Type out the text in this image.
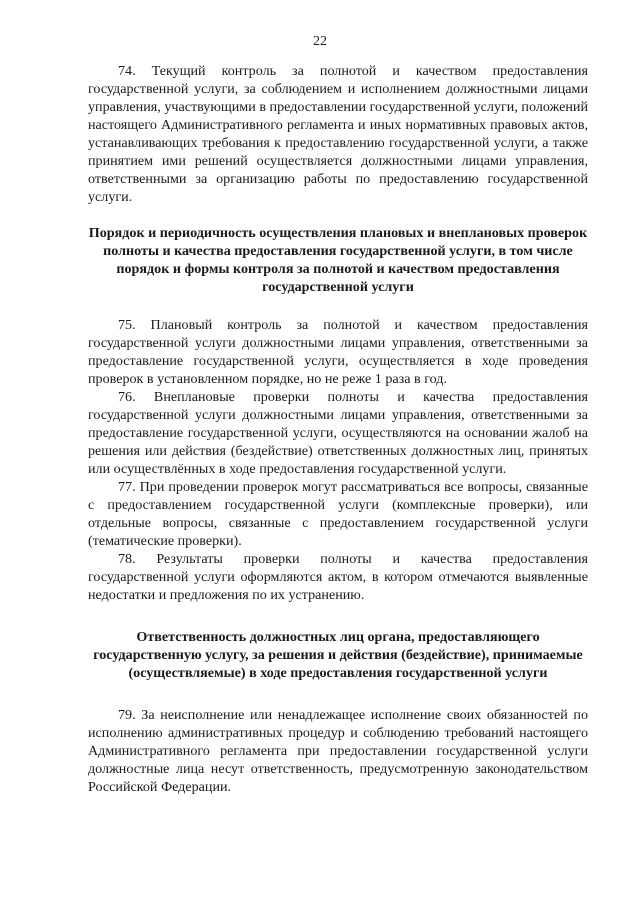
22

74. Текущий контроль за полнотой и качеством предоставления государственной услуги, за соблюдением и исполнением должностными лицами управления, участвующими в предоставлении государственной услуги, положений настоящего Административного регламента и иных нормативных правовых актов, устанавливающих требования к предоставлению государственной услуги, а также принятием ими решений осуществляется должностными лицами управления, ответственными за организацию работы по предоставлению государственной услуги.

Порядок и периодичность осуществления плановых и внеплановых проверок полноты и качества предоставления государственной услуги, в том числе порядок и формы контроля за полнотой и качеством предоставления государственной услуги

75. Плановый контроль за полнотой и качеством предоставления государственной услуги должностными лицами управления, ответственными за предоставление государственной услуги, осуществляется в ходе проведения проверок в установленном порядке, но не реже 1 раза в год.

76. Внеплановые проверки полноты и качества предоставления государственной услуги должностными лицами управления, ответственными за предоставление государственной услуги, осуществляются на основании жалоб на решения или действия (бездействие) ответственных должностных лиц, принятых или осуществлённых в ходе предоставления государственной услуги.

77. При проведении проверок могут рассматриваться все вопросы, связанные с предоставлением государственной услуги (комплексные проверки), или отдельные вопросы, связанные с предоставлением государственной услуги (тематические проверки).

78. Результаты проверки полноты и качества предоставления государственной услуги оформляются актом, в котором отмечаются выявленные недостатки и предложения по их устранению.

Ответственность должностных лиц органа, предоставляющего государственную услугу, за решения и действия (бездействие), принимаемые (осуществляемые) в ходе предоставления государственной услуги

79. За неисполнение или ненадлежащее исполнение своих обязанностей по исполнению административных процедур и соблюдению требований настоящего Административного регламента при предоставлении государственной услуги должностные лица несут ответственность, предусмотренную законодательством Российской Федерации.
